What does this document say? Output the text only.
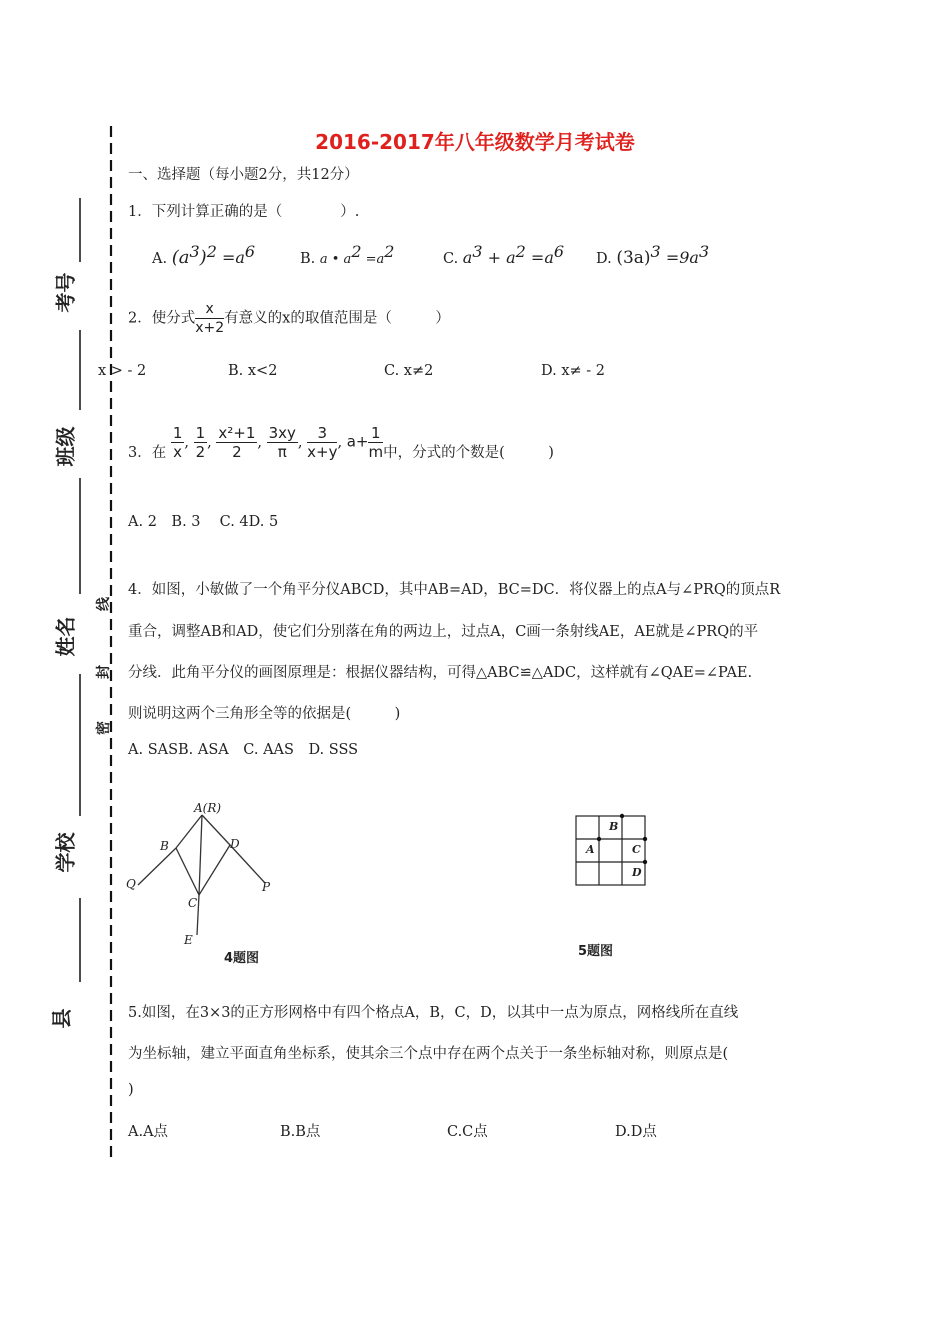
考号
班级
姓名
学校
县
线
封
密
2016-2017年八年级数学月考试卷
一、选择题（每小题2分，共12分）
1．下列计算正确的是（　　　　）.
A. $(a^3)^2 =a^6$	B. a • $a^2 =a^2$	C. $a^3 + a^2 =a^6$ D. $(3a)^3 =9a^3$
2．使分式 $\frac{x}{x+2}$ 有意义的x的取值范围是（　　　）
x > - 2	B. x<2	C. x≠2	D. x≠ - 2
3．在 $\frac{1}{x}$ , $\frac{1}{2}$ , $\frac{\text{x²+1}}{2}$ , $\frac{3xy}{\pi}$ , $\frac{3}{x+y}$ , $a+ \frac{1}{m}$ 中，分式的个数是(　　　)
A. 2　B. 3　 C. 4D. 5
4．如图，小敏做了一个角平分仪ABCD，其中AB=AD，BC=DC．将仪器上的点A与∠PRQ的顶点R
重合，调整AB和AD，使它们分别落在角的两边上，过点A，C画一条射线AE，AE就是∠PRQ的平
分线．此角平分仪的画图原理是：根据仪器结构，可得△ABC≌△ADC，这样就有∠QAE=∠PAE.
则说明这两个三角形全等的依据是(　　　)
A. SASB. ASA　C. AAS　D. SSS
A(R)
B	D
Q	P
C
E
4题图
B
A	C
D
5题图
5.如图，在3×3的正方形网格中有四个格点A，B，C，D，以其中一点为原点，网格线所在直线
为坐标轴，建立平面直角坐标系，使其余三个点中存在两个点关于一条坐标轴对称，则原点是(
)
A.A点	B.B点	C.C点	D.D点
